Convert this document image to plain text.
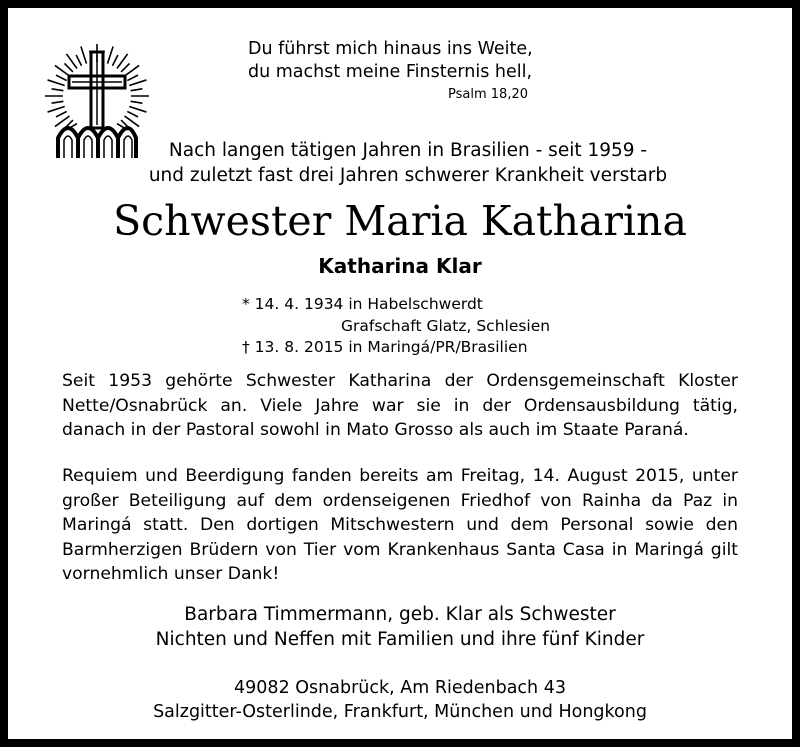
Du führst mich hinaus ins Weite,
du machst meine Finsternis hell,
Psalm 18,20
Nach langen tätigen Jahren in Brasilien - seit 1959 -
und zuletzt fast drei Jahren schwerer Krankheit verstarb
Schwester Maria Katharina
Katharina Klar
* 14. 4. 1934 in Habelschwerdt
Grafschaft Glatz, Schlesien
† 13. 8. 2015 in Maringá/PR/Brasilien
Seit 1953 gehörte Schwester Katharina der Ordensgemeinschaft Kloster Nette/Osnabrück an. Viele Jahre war sie in der Ordensausbildung tätig, danach in der Pastoral sowohl in Mato Grosso als auch im Staate Paraná.
Requiem und Beerdigung fanden bereits am Freitag, 14. August 2015, unter großer Beteiligung auf dem ordenseigenen Friedhof von Rainha da Paz in Maringá statt. Den dortigen Mitschwestern und dem Personal sowie den Barmherzigen Brüdern von Tier vom Krankenhaus Santa Casa in Maringá gilt vornehmlich unser Dank!
Barbara Timmermann, geb. Klar als Schwester
Nichten und Neffen mit Familien und ihre fünf Kinder
49082 Osnabrück, Am Riedenbach 43
Salzgitter-Osterlinde, Frankfurt, München und Hongkong
